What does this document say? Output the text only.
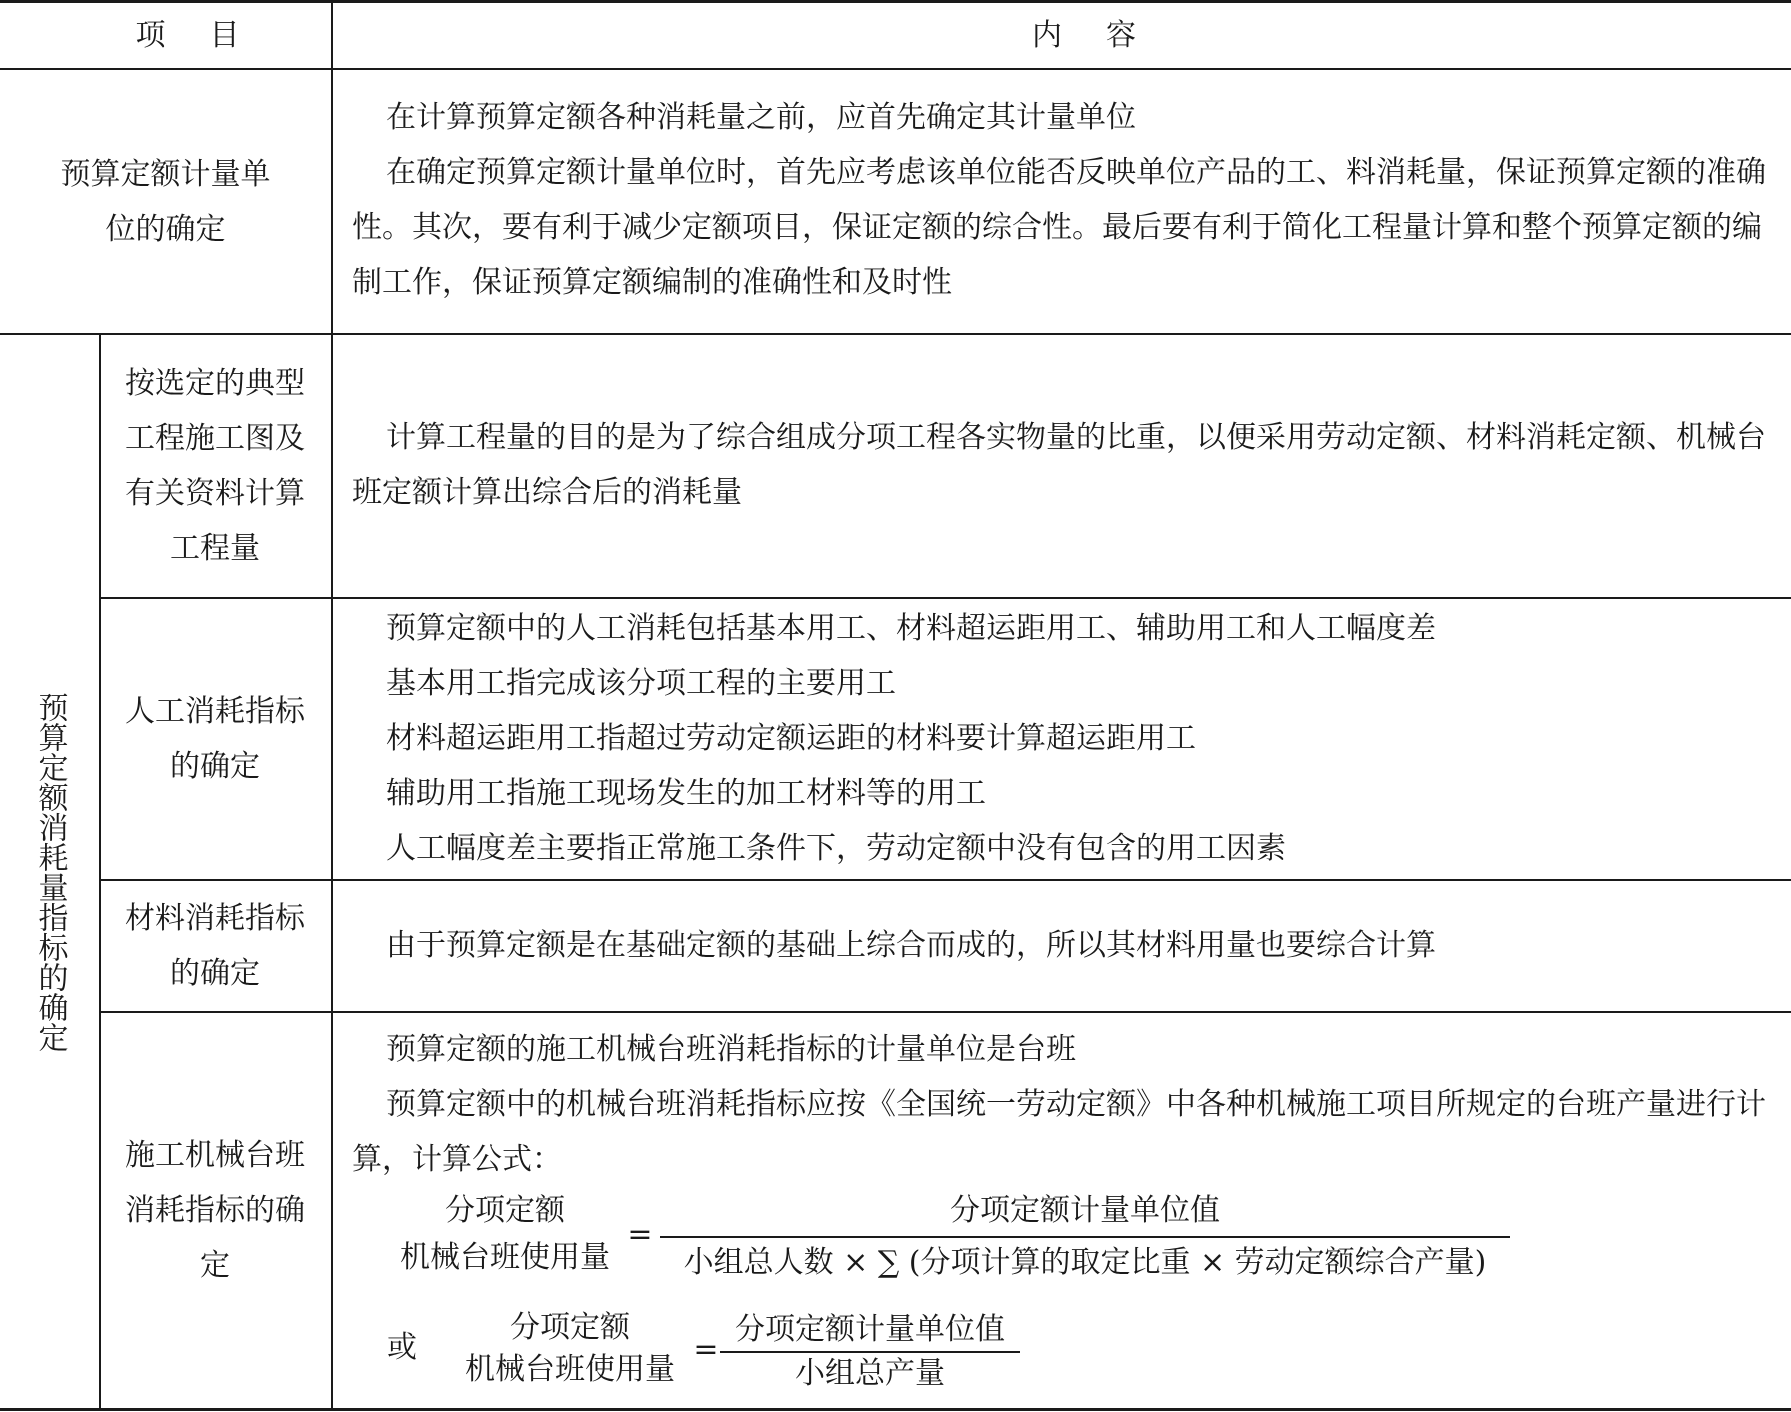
项目	内容
预算定额计量单位的确定
在计算预算定额各种消耗量之前，应首先确定其计量单位
在确定预算定额计量单位时，首先应考虑该单位能否反映单位产品的工、料消耗量，保证预算定额的准确性。其次，要有利于减少定额项目，保证定额的综合性。最后要有利于简化工程量计算和整个预算定额的编制工作，保证预算定额编制的准确性和及时性
预算定额消耗量指标的确定
按选定的典型工程施工图及有关资料计算工程量
计算工程量的目的是为了综合组成分项工程各实物量的比重，以便采用劳动定额、材料消耗定额、机械台班定额计算出综合后的消耗量
人工消耗指标的确定
预算定额中的人工消耗包括基本用工、材料超运距用工、辅助用工和人工幅度差
基本用工指完成该分项工程的主要用工
材料超运距用工指超过劳动定额运距的材料要计算超运距用工
辅助用工指施工现场发生的加工材料等的用工
人工幅度差主要指正常施工条件下，劳动定额中没有包含的用工因素
材料消耗指标的确定
由于预算定额是在基础定额的基础上综合而成的，所以其材料用量也要综合计算
施工机械台班消耗指标的确定
预算定额的施工机械台班消耗指标的计量单位是台班
预算定额中的机械台班消耗指标应按《全国统一劳动定额》中各种机械施工项目所规定的台班产量进行计算，计算公式：
分项定额
机械台班使用量
=
分项定额计量单位值
小组总人数 × ∑ (分项计算的取定比重 × 劳动定额综合产量)
或
分项定额
机械台班使用量
=
分项定额计量单位值
小组总产量
